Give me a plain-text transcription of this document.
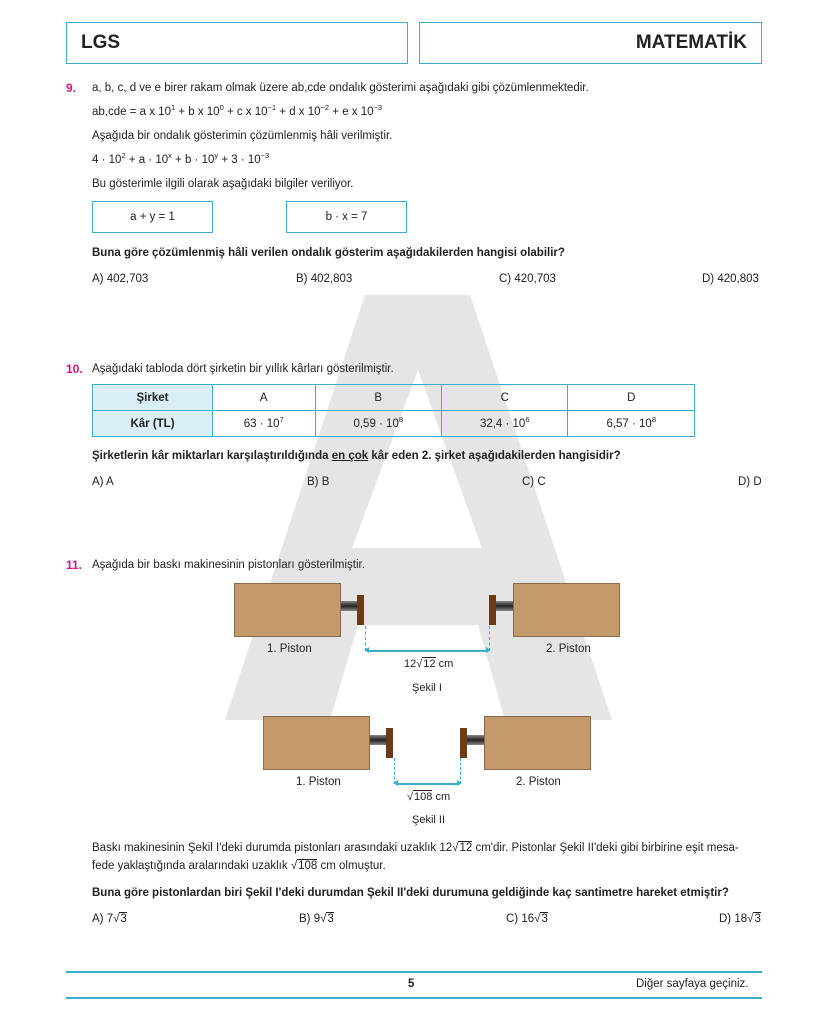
LGS	MATEMATİK
9. a, b, c, d ve e birer rakam olmak üzere ab,cde ondalık gösterimi aşağıdaki gibi çözümlenmektedir.
ab,cde = a x $10^1 + b$ x $10^0 + c$ x $10^{-1} + d$ x $10^{-2} + e$ x $10^{-3}$
Aşağıda bir ondalık gösterimin çözümlenmiş hâli verilmiştir.
$4 \cdot 10^2 + a \cdot 10^x + b \cdot 10^y + 3 \cdot 10^{-3}$
Bu gösterimle ilgili olarak aşağıdaki bilgiler veriliyor.
a + y = 1	b · x = 7
Buna göre çözümlenmiş hâli verilen ondalık gösterim aşağıdakilerden hangisi olabilir?
A) 402,703	B) 402,803	C) 420,703	D) 420,803
10. Aşağıdaki tabloda dört şirketin bir yıllık kârları gösterilmiştir.
Şirket	A	B	C	D
Kâr (TL)	$63 \cdot 10^7$	$0,59 \cdot 10^8$	$32,4 \cdot 10^6$	$6,57 \cdot 10^8$
Şirketlerin kâr miktarları karşılaştırıldığında en çok kâr eden 2. şirket aşağıdakilerden hangisidir?
A) A	B) B	C) C	D) D
11. Aşağıda bir baskı makinesinin pistonları gösterilmiştir.
1. Piston	2. Piston
12√12 cm
Şekil I
1. Piston	2. Piston
√108 cm
Şekil II
Baskı makinesinin Şekil I'deki durumda pistonları arasındaki uzaklık 12√12 cm'dir. Pistonlar Şekil II'deki gibi birbirine eşit mesa-
fede yaklaştığında aralarındaki uzaklık √108 cm olmuştur.
Buna göre pistonlardan biri Şekil I'deki durumdan Şekil II'deki durumuna geldiğinde kaç santimetre hareket etmiştir?
A) 7√3	B) 9√3	C) 16√3	D) 18√3
5	Diğer sayfaya geçiniz.
